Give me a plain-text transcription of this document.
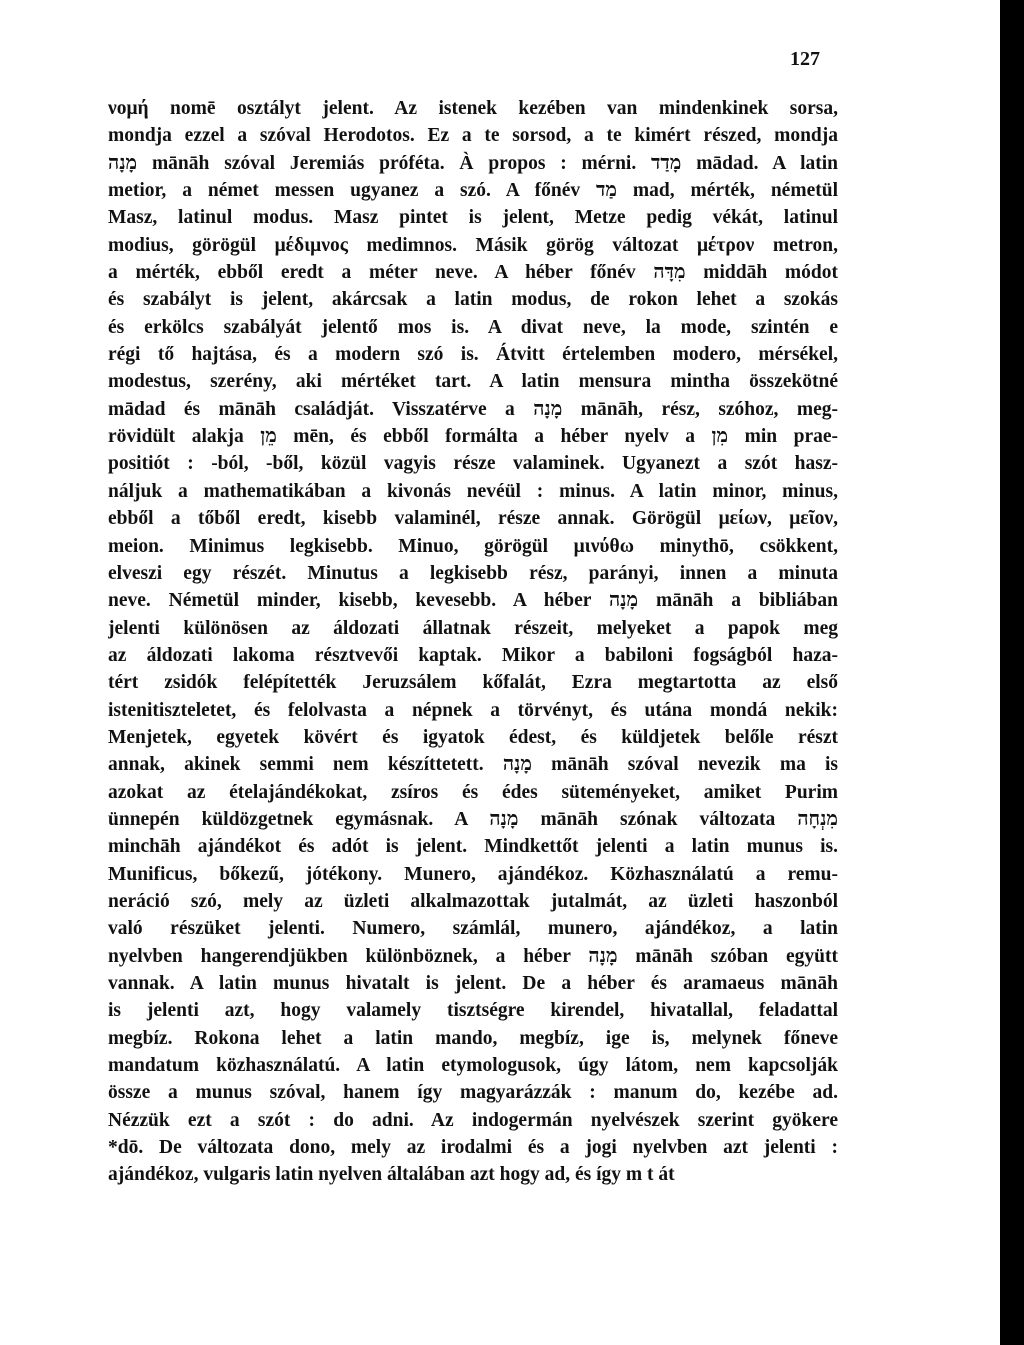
127
νομή nomē osztályt jelent. Az istenek kezében van mindenkinek sorsa,
mondja ezzel a szóval Herodotos. Ez a te sorsod, a te kimért részed, mondja
מָנָה mānāh szóval Jeremiás próféta. À propos : mérni. מָדַד mādad. A latin
metior, a német messen ugyanez a szó. A főnév מַד mad, mérték, németül
Masz, latinul modus. Masz pintet is jelent, Metze pedig vékát, latinul
modius, görögül μέδιμνος medimnos. Másik görög változat μέτρον metron,
a mérték, ebből eredt a méter neve. A héber főnév מִדָּה middāh módot
és szabályt is jelent, akárcsak a latin modus, de rokon lehet a szokás
és erkölcs szabályát jelentő mos is. A divat neve, la mode, szintén e
régi tő hajtása, és a modern szó is. Átvitt értelemben modero, mérsékel,
modestus, szerény, aki mértéket tart. A latin mensura mintha összekötné
mādad és mānāh családját. Visszatérve a מָנָה mānāh, rész, szóhoz, meg-
rövidült alakja מֵן mēn, és ebből formálta a héber nyelv a מִן min prae-
positiót : -ból, -ből, közül vagyis része valaminek. Ugyanezt a szót hasz-
náljuk a mathematikában a kivonás nevéül : minus. A latin minor, minus,
ebből a tőből eredt, kisebb valaminél, része annak. Görögül μείων, μεῖον,
meion. Minimus legkisebb. Minuo, görögül μινύθω minythō, csökkent,
elveszi egy részét. Minutus a legkisebb rész, parányi, innen a minuta
neve. Németül minder, kisebb, kevesebb. A héber מָנָה mānāh a bibliában
jelenti különösen az áldozati állatnak részeit, melyeket a papok meg
az áldozati lakoma résztvevői kaptak. Mikor a babiloni fogságból haza-
tért zsidók felépítették Jeruzsálem kőfalát, Ezra megtartotta az első
istenitiszteletet, és felolvasta a népnek a törvényt, és utána mondá nekik:
Menjetek, egyetek kövért és igyatok édest, és küldjetek belőle részt
annak, akinek semmi nem készíttetett. מָנָה mānāh szóval nevezik ma is
azokat az ételajándékokat, zsíros és édes süteményeket, amiket Purim
ünnepén küldözgetnek egymásnak. A מָנָה mānāh szónak változata מִנְחָה
minchāh ajándékot és adót is jelent. Mindkettőt jelenti a latin munus is.
Munificus, bőkezű, jótékony. Munero, ajándékoz. Közhasználatú a remu-
neráció szó, mely az üzleti alkalmazottak jutalmát, az üzleti haszonból
való részüket jelenti. Numero, számlál, munero, ajándékoz, a latin
nyelvben hangerendjükben különböznek, a héber מָנָה mānāh szóban együtt
vannak. A latin munus hivatalt is jelent. De a héber és aramaeus mānāh
is jelenti azt, hogy valamely tisztségre kirendel, hivatallal, feladattal
megbíz. Rokona lehet a latin mando, megbíz, ige is, melynek főneve
mandatum közhasználatú. A latin etymologusok, úgy látom, nem kapcsolják
össze a munus szóval, hanem így magyarázzák : manum do, kezébe ad.
Nézzük ezt a szót : do adni. Az indogermán nyelvészek szerint gyökere
*dō. De változata dono, mely az irodalmi és a jogi nyelvben azt jelenti :
ajándékoz, vulgaris latin nyelven általában azt hogy ad, és így m t át
